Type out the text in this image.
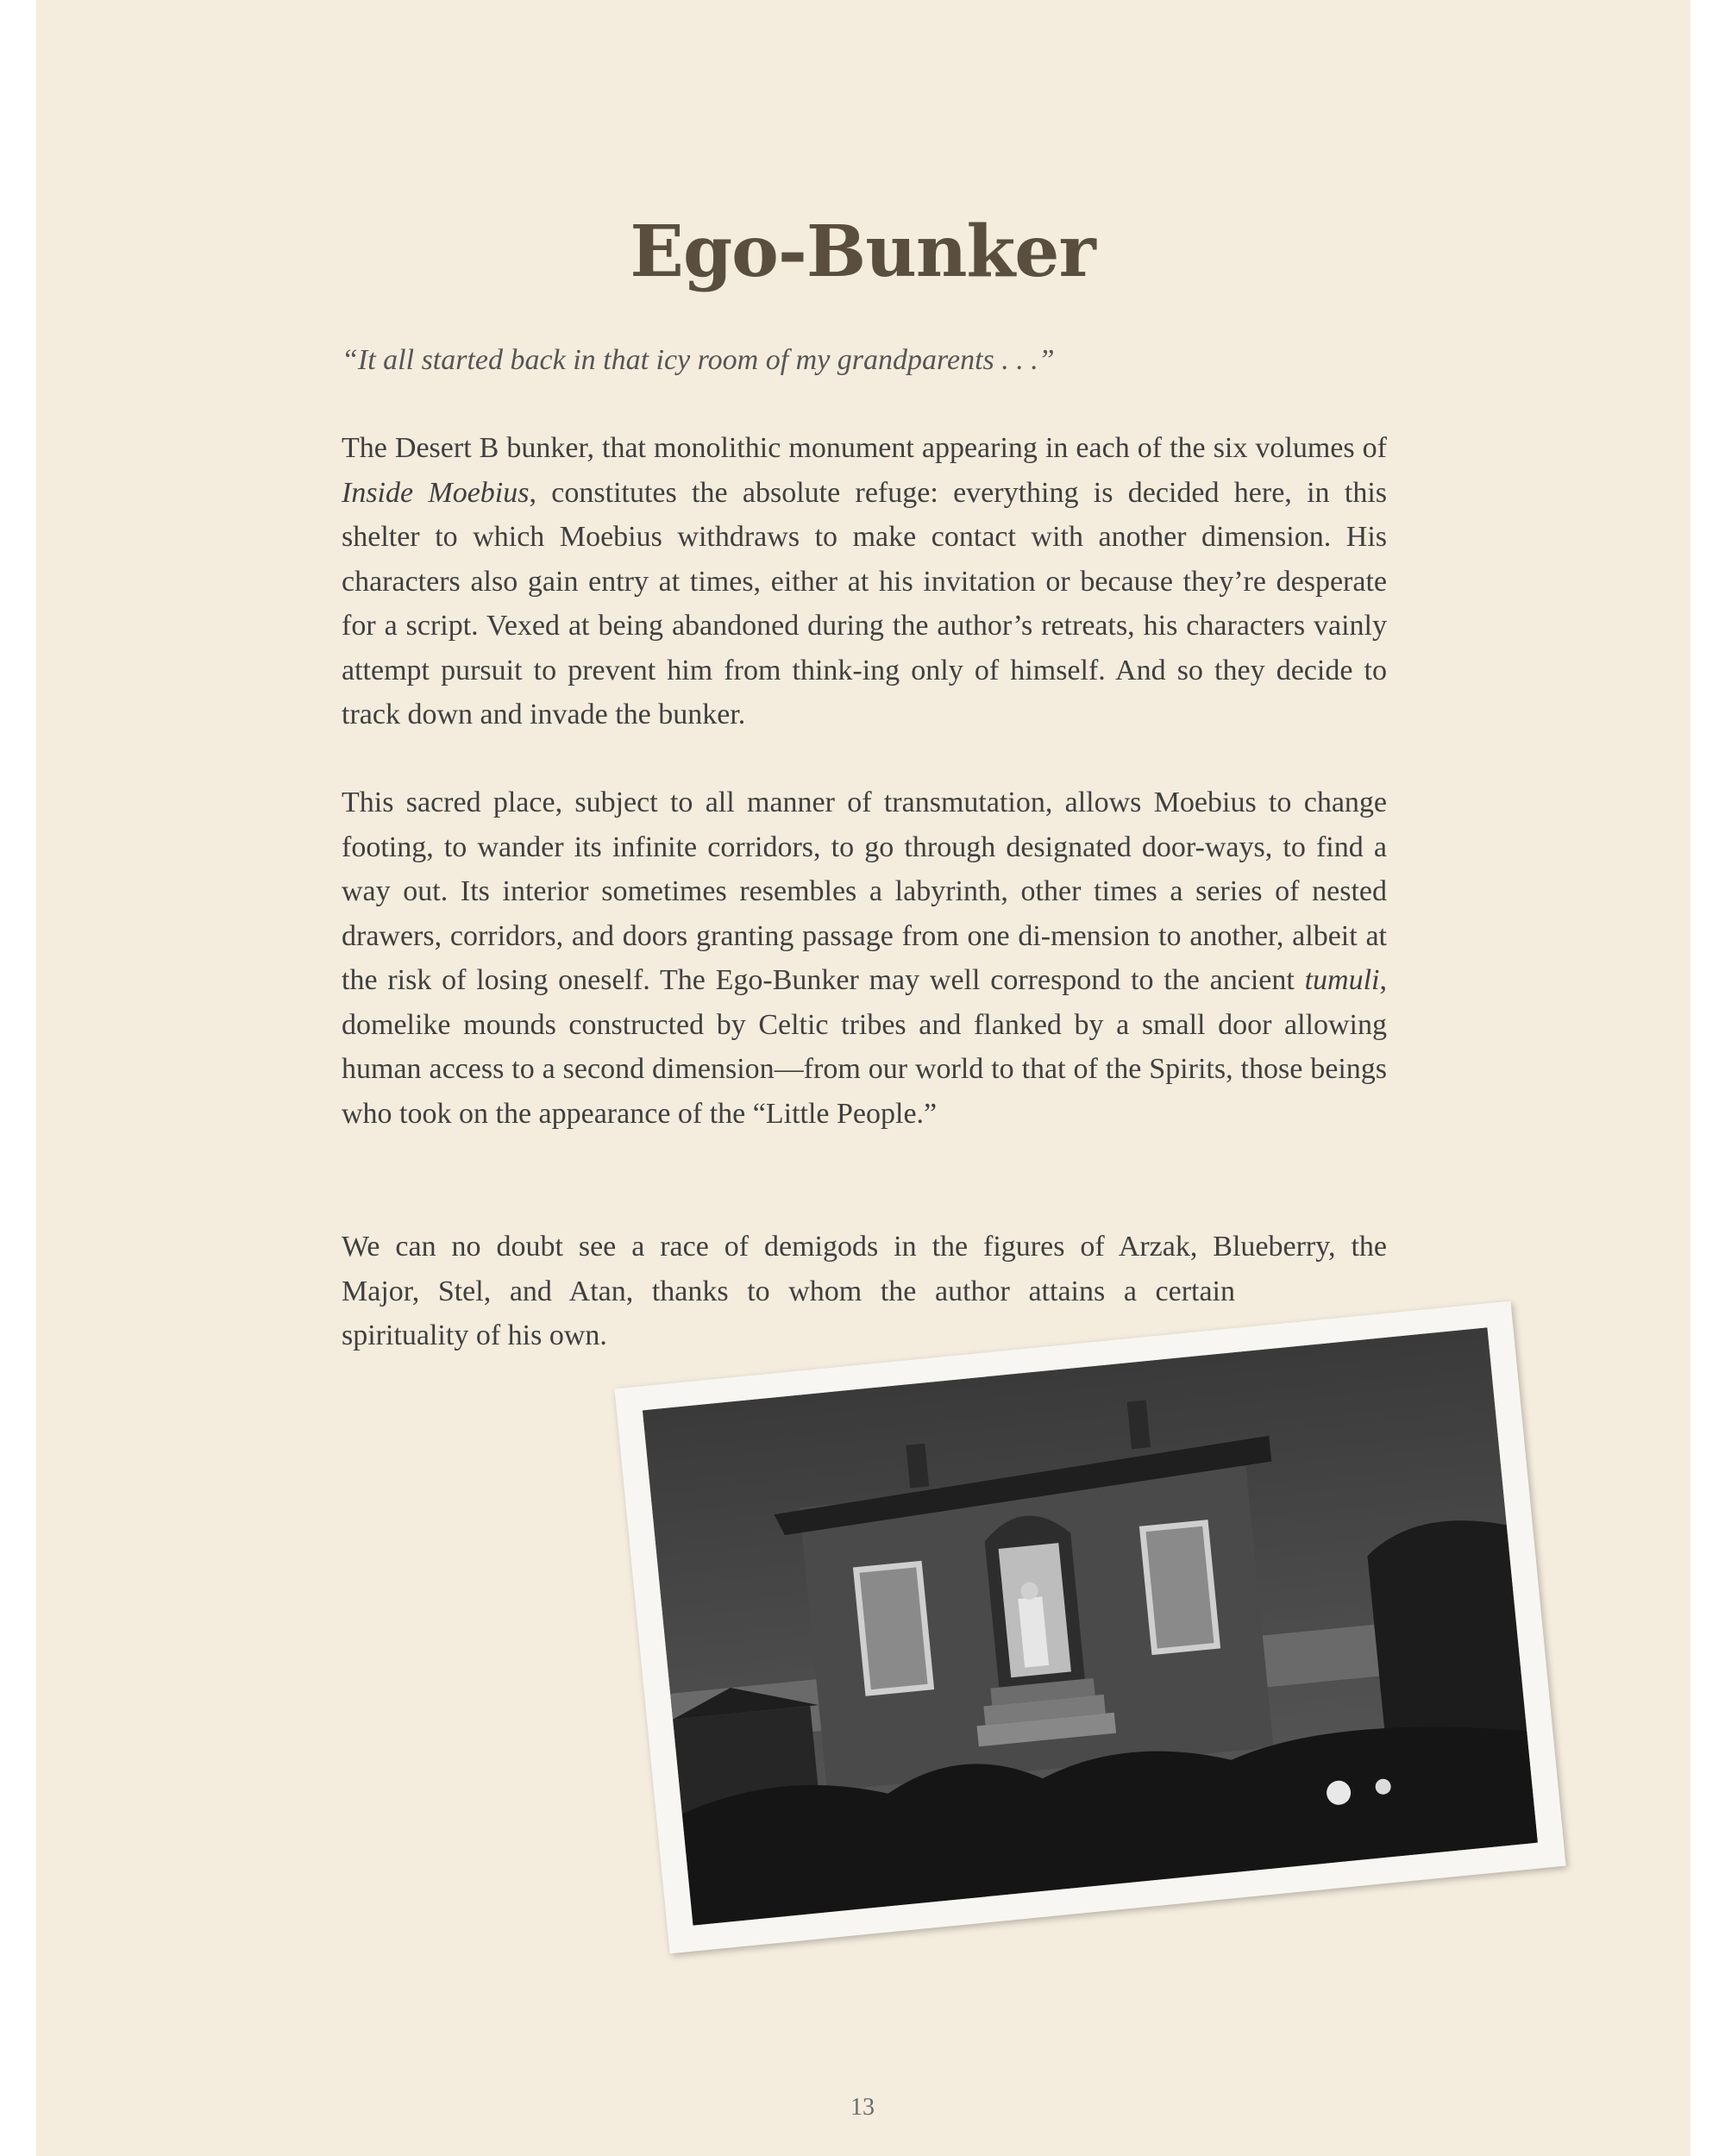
Ego-Bunker

“It all started back in that icy room of my grandparents . . .”

The Desert B bunker, that monolithic monument appearing in each of the six volumes of Inside Moebius, constitutes the absolute refuge: everything is decided here, in this shelter to which Moebius withdraws to make contact with another dimension. His characters also gain entry at times, either at his invitation or because they’re desperate for a script. Vexed at being abandoned during the author’s retreats, his characters vainly attempt pursuit to prevent him from think-ing only of himself. And so they decide to track down and invade the bunker.

This sacred place, subject to all manner of transmutation, allows Moebius to change footing, to wander its infinite corridors, to go through designated door-ways, to find a way out. Its interior sometimes resembles a labyrinth, other times a series of nested drawers, corridors, and doors granting passage from one di-mension to another, albeit at the risk of losing oneself. The Ego-Bunker may well correspond to the ancient tumuli, domelike mounds constructed by Celtic tribes and flanked by a small door allowing human access to a second dimension—from our world to that of the Spirits, those beings who took on the appearance of the “Little People.”

We can no doubt see a race of demigods in the figures of Arzak, Blueberry, the
Major, Stel, and Atan, thanks to whom the author attains a certain
spirituality of his own.

13
